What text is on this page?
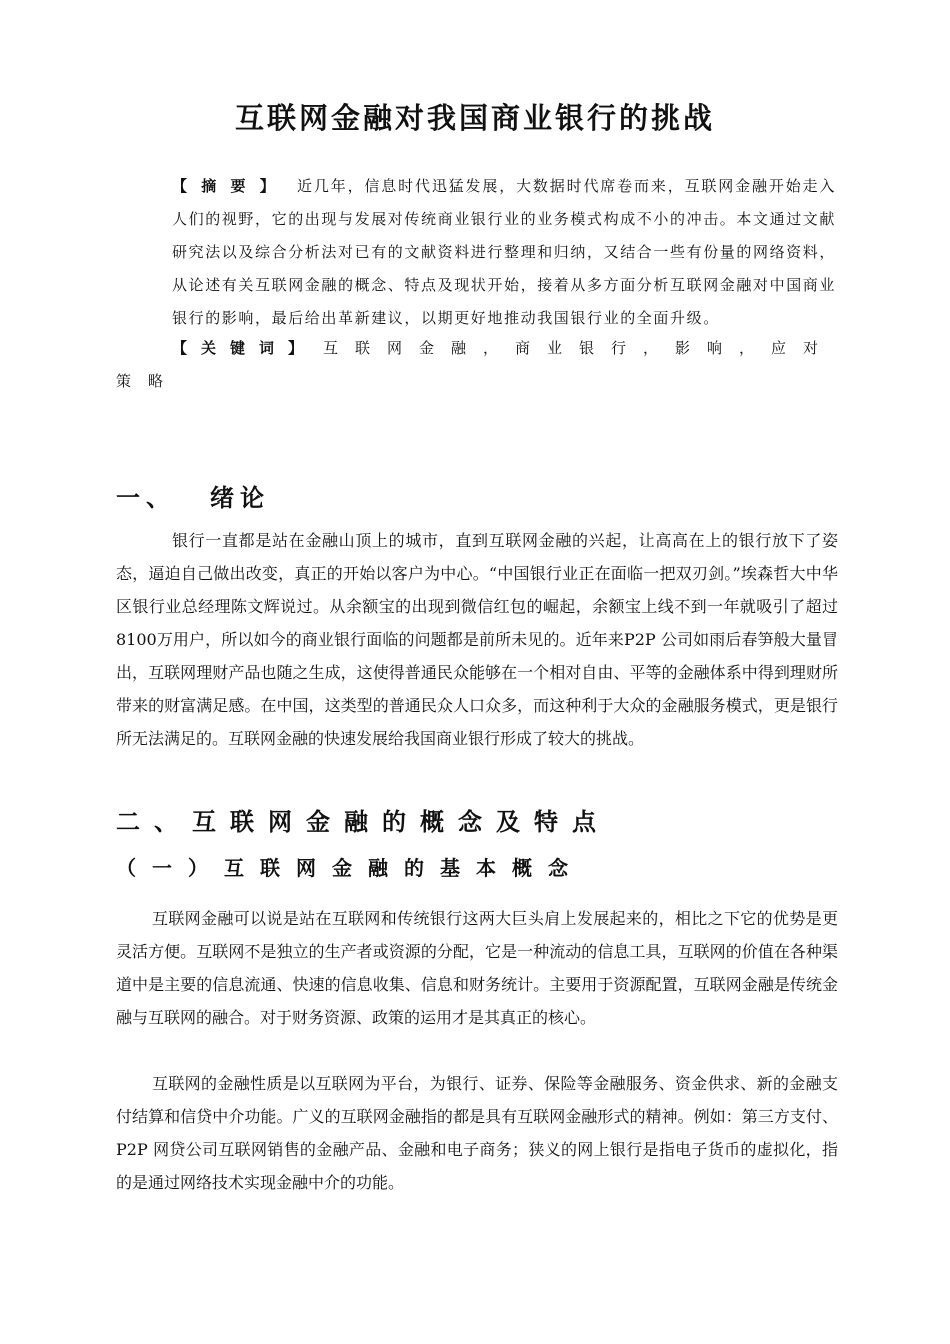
互联网金融对我国商业银行的挑战
【摘要】 近几年，信息时代迅猛发展，大数据时代席卷而来，互联网金融开始走入人们的视野，它的出现与发展对传统商业银行业的业务模式构成不小的冲击。本文通过文献研究法以及综合分析法对已有的文献资料进行整理和归纳，又结合一些有份量的网络资料，从论述有关互联网金融的概念、特点及现状开始，接着从多方面分析互联网金融对中国商业银行的影响，最后给出革新建议，以期更好地推动我国银行业的全面升级。
【关键词】 互联网金融，商业银行，影响，应对策略
一、 绪论

银行一直都是站在金融山顶上的城市，直到互联网金融的兴起，让高高在上的银行放下了姿态，逼迫自己做出改变，真正的开始以客户为中心。“中国银行业正在面临一把双刃剑。”埃森哲大中华区银行业总经理陈文辉说过。从余额宝的出现到微信红包的崛起，余额宝上线不到一年就吸引了超过8100万用户，所以如今的商业银行面临的问题都是前所未见的。近年来P2P 公司如雨后春笋般大量冒出，互联网理财产品也随之生成，这使得普通民众能够在一个相对自由、平等的金融体系中得到理财所带来的财富满足感。在中国，这类型的普通民众人口众多，而这种利于大众的金融服务模式，更是银行所无法满足的。互联网金融的快速发展给我国商业银行形成了较大的挑战。

二、互联网金融的概念及特点
（一）互联网金融的基本概念

互联网金融可以说是站在互联网和传统银行这两大巨头肩上发展起来的，相比之下它的优势是更灵活方便。互联网不是独立的生产者或资源的分配，它是一种流动的信息工具，互联网的价值在各种渠道中是主要的信息流通、快速的信息收集、信息和财务统计。主要用于资源配置，互联网金融是传统金融与互联网的融合。对于财务资源、政策的运用才是其真正的核心。

互联网的金融性质是以互联网为平台，为银行、证券、保险等金融服务、资金供求、新的金融支付结算和信贷中介功能。广义的互联网金融指的都是具有互联网金融形式的精神。例如：第三方支付、P2P 网贷公司互联网销售的金融产品、金融和电子商务；狭义的网上银行是指电子货币的虚拟化，指的是通过网络技术实现金融中介的功能。
